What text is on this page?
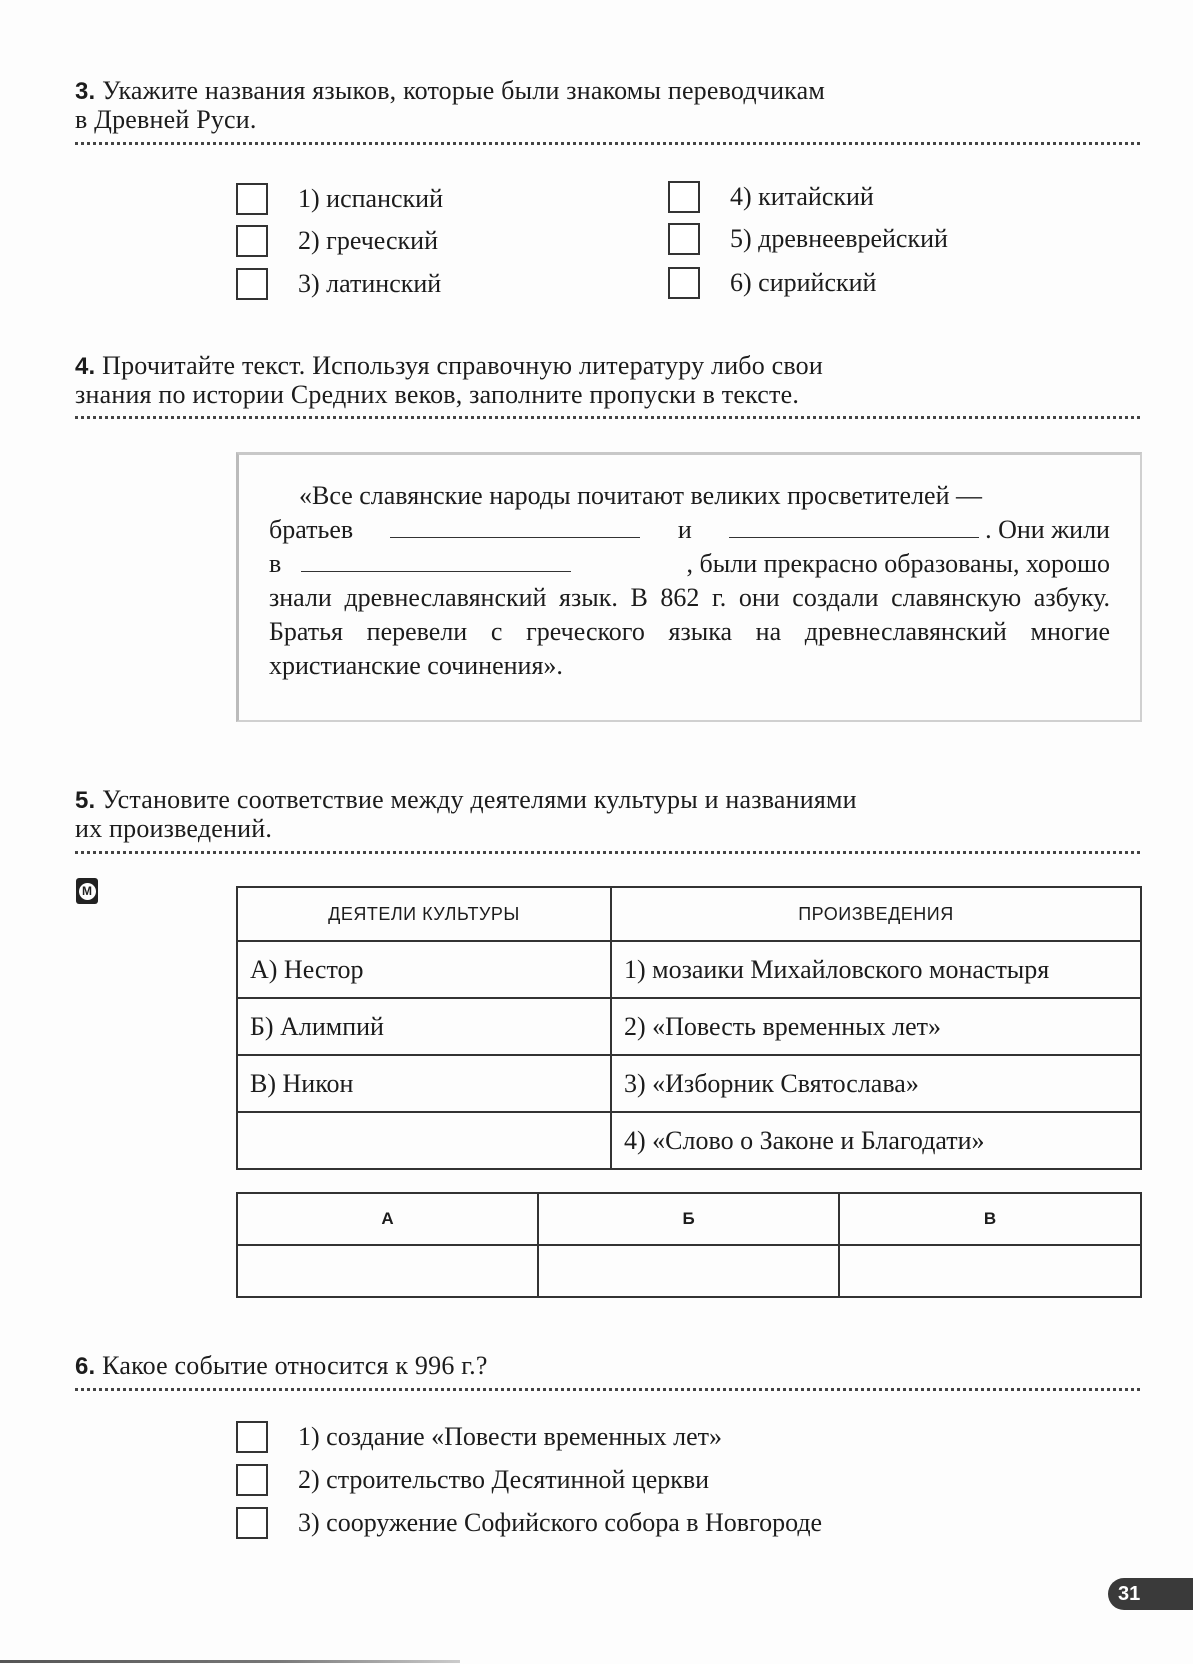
3. Укажите названия языков, которые были знакомы переводчикам
в Древней Руси.
1) испанский
2) греческий
3) латинский
4) китайский
5) древнееврейский
6) сирийский
4. Прочитайте текст. Используя справочную литературу либо свои
знания по истории Средних веков, заполните пропуски в тексте.

«Все славянские народы почитают великих просветителей —

братьев	и	. Они жили

в	, были прекрасно образованы, хорошо

знали древнеславянский язык. В 862 г. они создали славянскую азбуку. Братья перевели с греческого языка на древнеславянский многие христианские сочинения».

5. Установите соответствие между деятелями культуры и названиями
их произведений.
M
ДЕЯТЕЛИ КУЛЬТУРЫ	ПРОИЗВЕДЕНИЯ
А) Нестор	1) мозаики Михайловского монастыря
Б) Алимпий	2) «Повесть временных лет»
В) Никон	3) «Изборник Святослава»
	4) «Слово о Законе и Благодати»
А	Б	В

6. Какое событие относится к 996 г.?
1) создание «Повести временных лет»
2) строительство Десятинной церкви
3) сооружение Софийского собора в Новгороде
31
